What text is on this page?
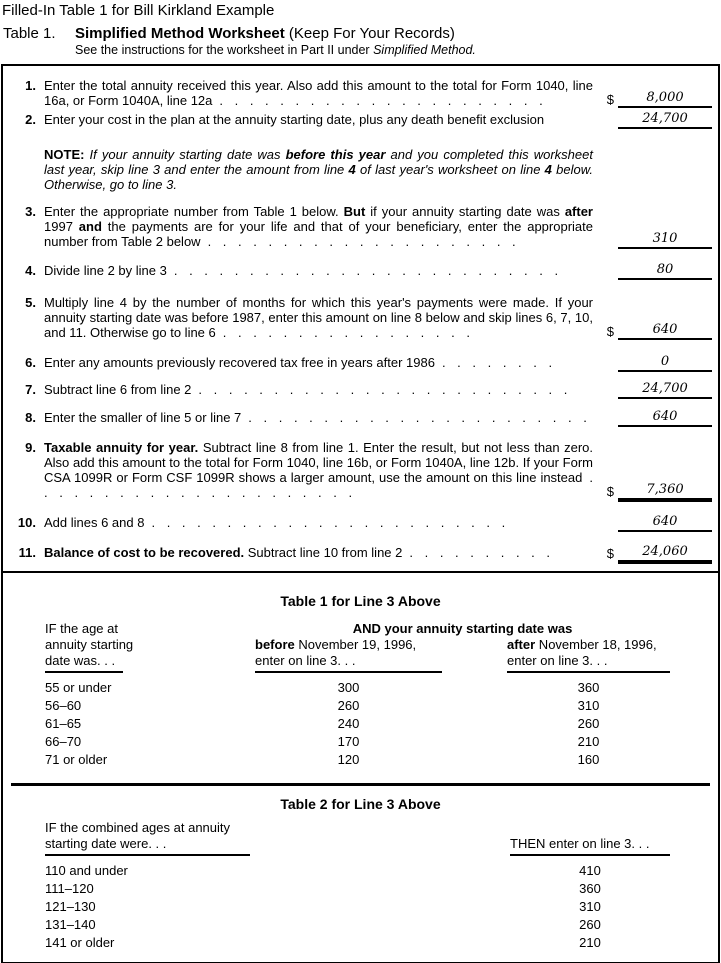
Filled-In Table 1 for Bill Kirkland Example
Table 1.	Simplified Method Worksheet (Keep For Your Records)
See the instructions for the worksheet in Part II under Simplified Method.
1. Enter the total annuity received this year. Also add this amount to the total for Form 1040, line 16a, or Form 1040A, line 12a . . . . . . . . . . . . . . . . . . . . . .	$	8,000
2. Enter your cost in the plan at the annuity starting date, plus any death benefit exclusion	24,700
NOTE: If your annuity starting date was before this year and you completed this worksheet last year, skip line 3 and enter the amount from line 4 of last year's worksheet on line 4 below. Otherwise, go to line 3.
3. Enter the appropriate number from Table 1 below. But if your annuity starting date was after 1997 and the payments are for your life and that of your beneficiary, enter the appropriate number from Table 2 below . . . . . . . . . . . . . . . . . . . . .	310
4. Divide line 2 by line 3 . . . . . . . . . . . . . . . . . . . . . . . . . .	80
5. Multiply line 4 by the number of months for which this year's payments were made. If your annuity starting date was before 1987, enter this amount on line 8 below and skip lines 6, 7, 10, and 11. Otherwise go to line 6 . . . . . . . . . . . . . . . . .	$	640
6. Enter any amounts previously recovered tax free in years after 1986 . . . . . . . .	0
7. Subtract line 6 from line 2 . . . . . . . . . . . . . . . . . . . . . . . . .	24,700
8. Enter the smaller of line 5 or line 7 . . . . . . . . . . . . . . . . . . . . . . .	640
9. Taxable annuity for year. Subtract line 8 from line 1. Enter the result, but not less than zero. Also add this amount to the total for Form 1040, line 16b, or Form 1040A, line 12b. If your Form CSA 1099R or Form CSF 1099R shows a larger amount, use the amount on this line instead . . . . . . . . . . . . . . . . . . . . . .	$	7,360
10. Add lines 6 and 8 . . . . . . . . . . . . . . . . . . . . . . . .	640
11. Balance of cost to be recovered. Subtract line 10 from line 2 . . . . . . . . . .	$	24,060
Table 1 for Line 3 Above
IF the age at
annuity starting
date was. . .
AND your annuity starting date was
before November 19, 1996,
enter on line 3. . .
after November 18, 1996,
enter on line 3. . .
55 or under	300	360
56–60	260	310
61–65	240	260
66–70	170	210
71 or older	120	160
Table 2 for Line 3 Above
IF the combined ages at annuity
starting date were. . .	THEN enter on line 3. . .
110 and under	410
111–120	360
121–130	310
131–140	260
141 or older	210
